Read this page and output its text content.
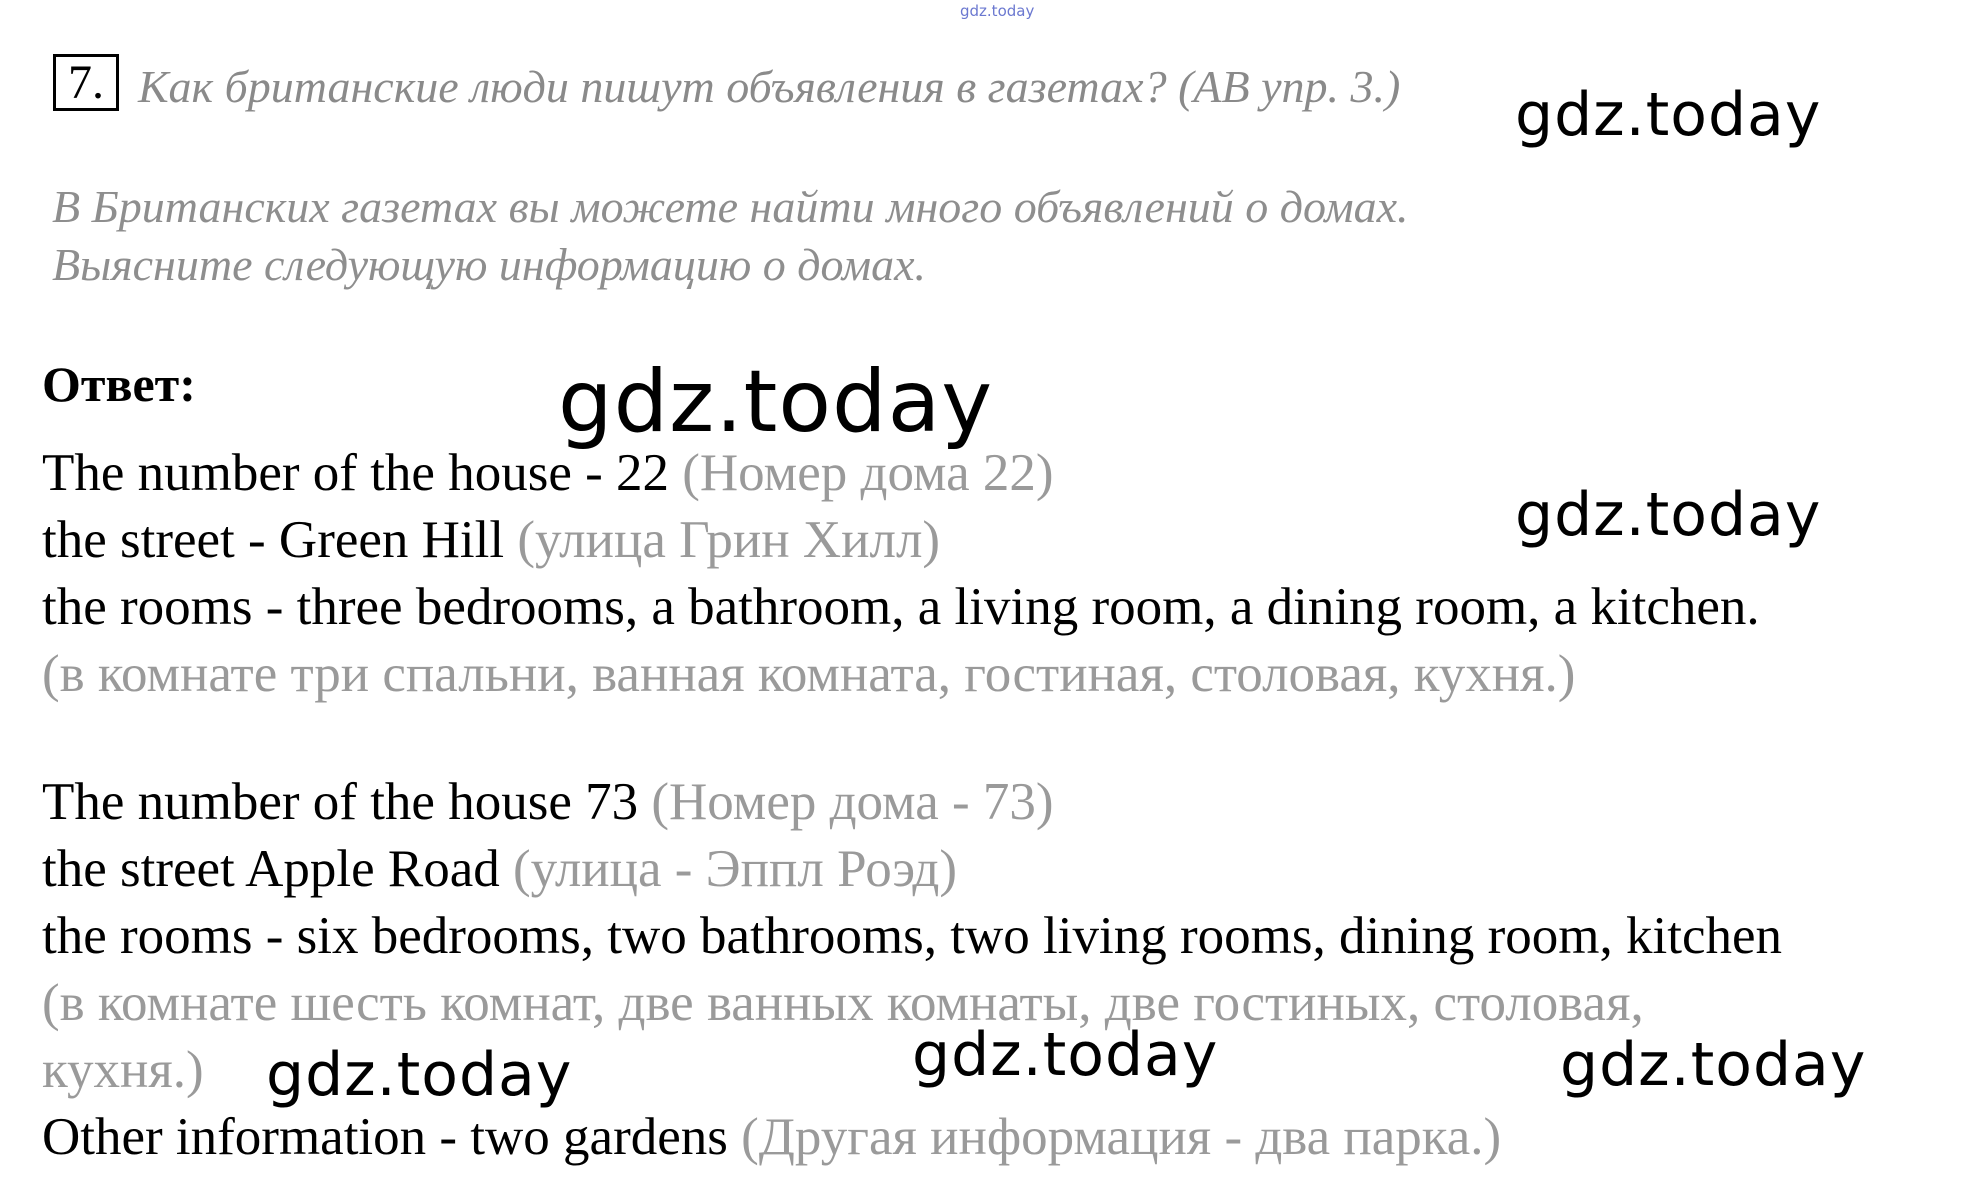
gdz.today
7. Как британские люди пишут объявления в газетах? (АВ упр. 3.)
В Британских газетах вы можете найти много объявлений о домах.
Выясните следующую информацию о домах.
Ответ:
The number of the house - 22 (Номер дома 22)
the street - Green Hill (улица Грин Хилл)
the rooms - three bedrooms, a bathroom, a living room, a dining room, a kitchen.
(в комнате три спальни, ванная комната, гостиная, столовая, кухня.)
The number of the house 73 (Номер дома - 73)
the street Apple Road (улица - Эппл Роэд)
the rooms - six bedrooms, two bathrooms, two living rooms, dining room, kitchen
(в комнате шесть комнат, две ванных комнаты, две гостиных, столовая,
кухня.)
Other information - two gardens (Другая информация - два парка.)
gdz.today
gdz.today
gdz.today
gdz.today	gdz.today	gdz.today
